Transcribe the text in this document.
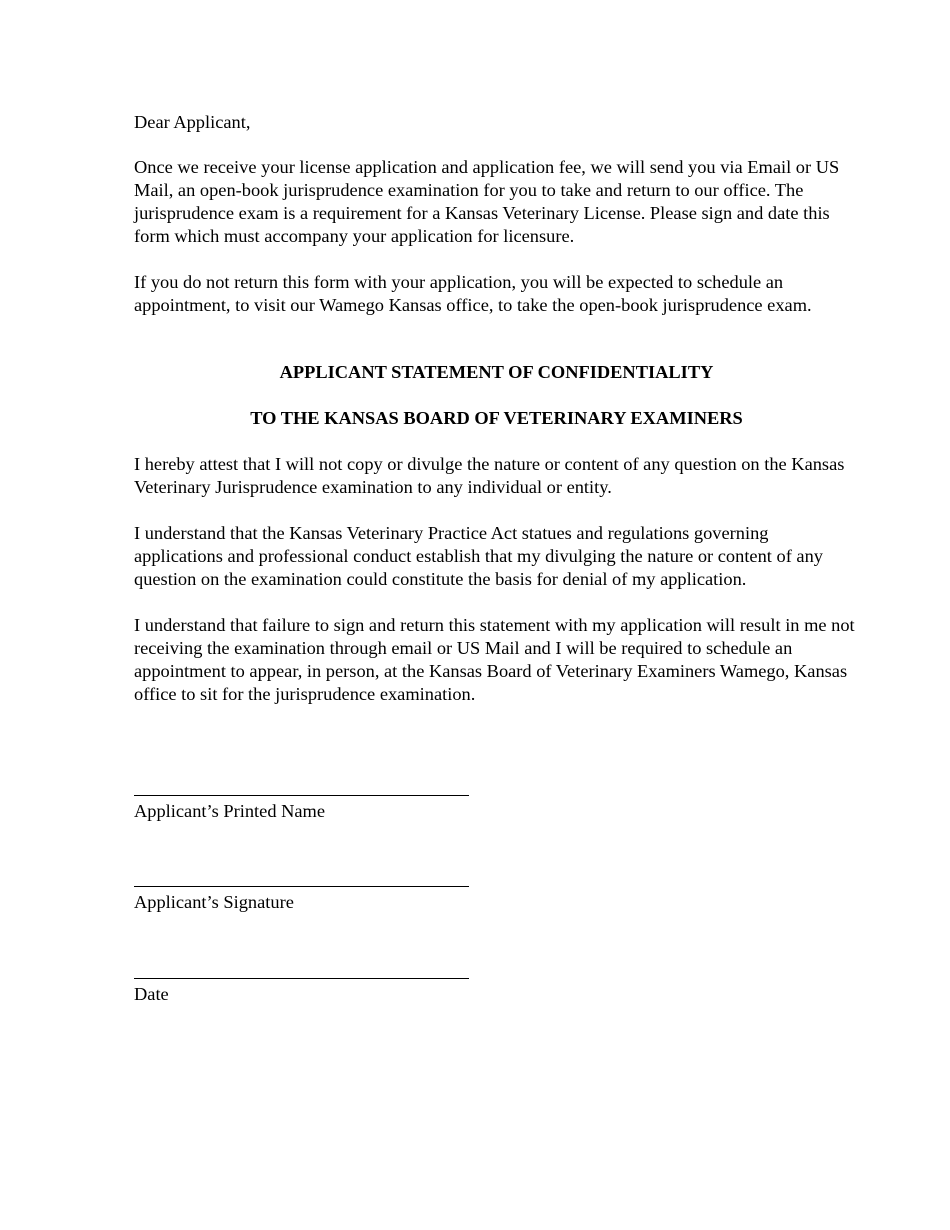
Dear Applicant,

Once we receive your license application and application fee, we will send you via Email or US
Mail, an open-book jurisprudence examination for you to take and return to our office. The
jurisprudence exam is a requirement for a Kansas Veterinary License. Please sign and date this
form which must accompany your application for licensure.

If you do not return this form with your application, you will be expected to schedule an
appointment, to visit our Wamego Kansas office, to take the open-book jurisprudence exam.

APPLICANT STATEMENT OF CONFIDENTIALITY

TO THE KANSAS BOARD OF VETERINARY EXAMINERS

I hereby attest that I will not copy or divulge the nature or content of any question on the Kansas
Veterinary Jurisprudence examination to any individual or entity.

I understand that the Kansas Veterinary Practice Act statues and regulations governing
applications and professional conduct establish that my divulging the nature or content of any
question on the examination could constitute the basis for denial of my application.

I understand that failure to sign and return this statement with my application will result in me not
receiving the examination through email or US Mail and I will be required to schedule an
appointment to appear, in person, at the Kansas Board of Veterinary Examiners Wamego, Kansas
office to sit for the jurisprudence examination.

Applicant’s Printed Name

Applicant’s Signature

Date
